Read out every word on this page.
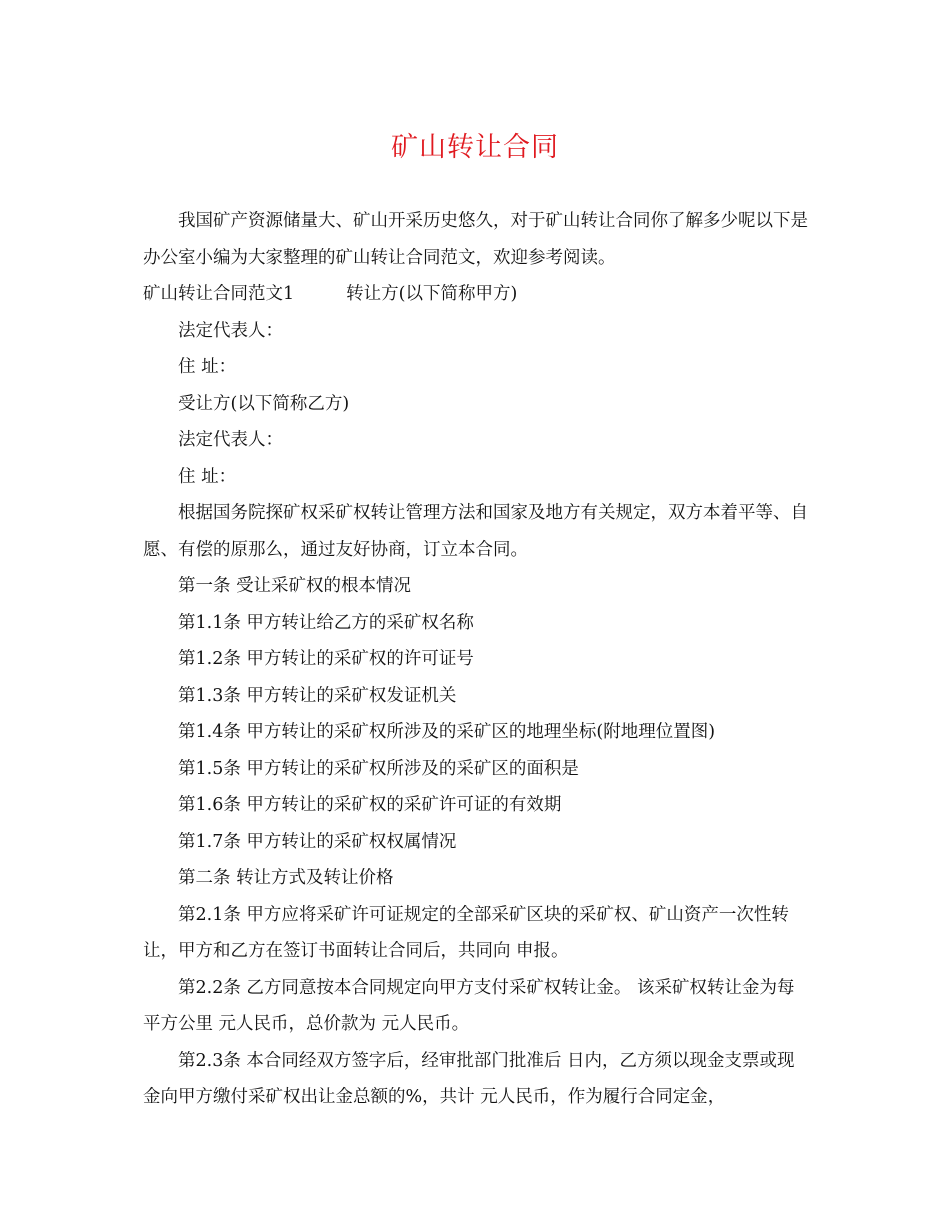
矿山转让合同

我国矿产资源储量大、矿山开采历史悠久，对于矿山转让合同你了解多少呢以下是办公室小编为大家整理的矿山转让合同范文，欢迎参考阅读。

矿山转让合同范文1	转让方(以下简称甲方)

法定代表人：

住 址：

受让方(以下简称乙方)

法定代表人：

住 址：

根据国务院探矿权采矿权转让管理方法和国家及地方有关规定，双方本着平等、自愿、有偿的原那么，通过友好协商，订立本合同。

第一条 受让采矿权的根本情况

第1.1条 甲方转让给乙方的采矿权名称

第1.2条 甲方转让的采矿权的许可证号

第1.3条 甲方转让的采矿权发证机关

第1.4条 甲方转让的采矿权所涉及的采矿区的地理坐标(附地理位置图)

第1.5条 甲方转让的采矿权所涉及的采矿区的面积是

第1.6条 甲方转让的采矿权的采矿许可证的有效期

第1.7条 甲方转让的采矿权权属情况

第二条 转让方式及转让价格

第2.1条 甲方应将采矿许可证规定的全部采矿区块的采矿权、矿山资产一次性转让，甲方和乙方在签订书面转让合同后，共同向 申报。

第2.2条 乙方同意按本合同规定向甲方支付采矿权转让金。 该采矿权转让金为每平方公里 元人民币，总价款为 元人民币。

第2.3条 本合同经双方签字后，经审批部门批准后 日内，乙方须以现金支票或现金向甲方缴付采矿权出让金总额的%，共计 元人民币，作为履行合同定金，
